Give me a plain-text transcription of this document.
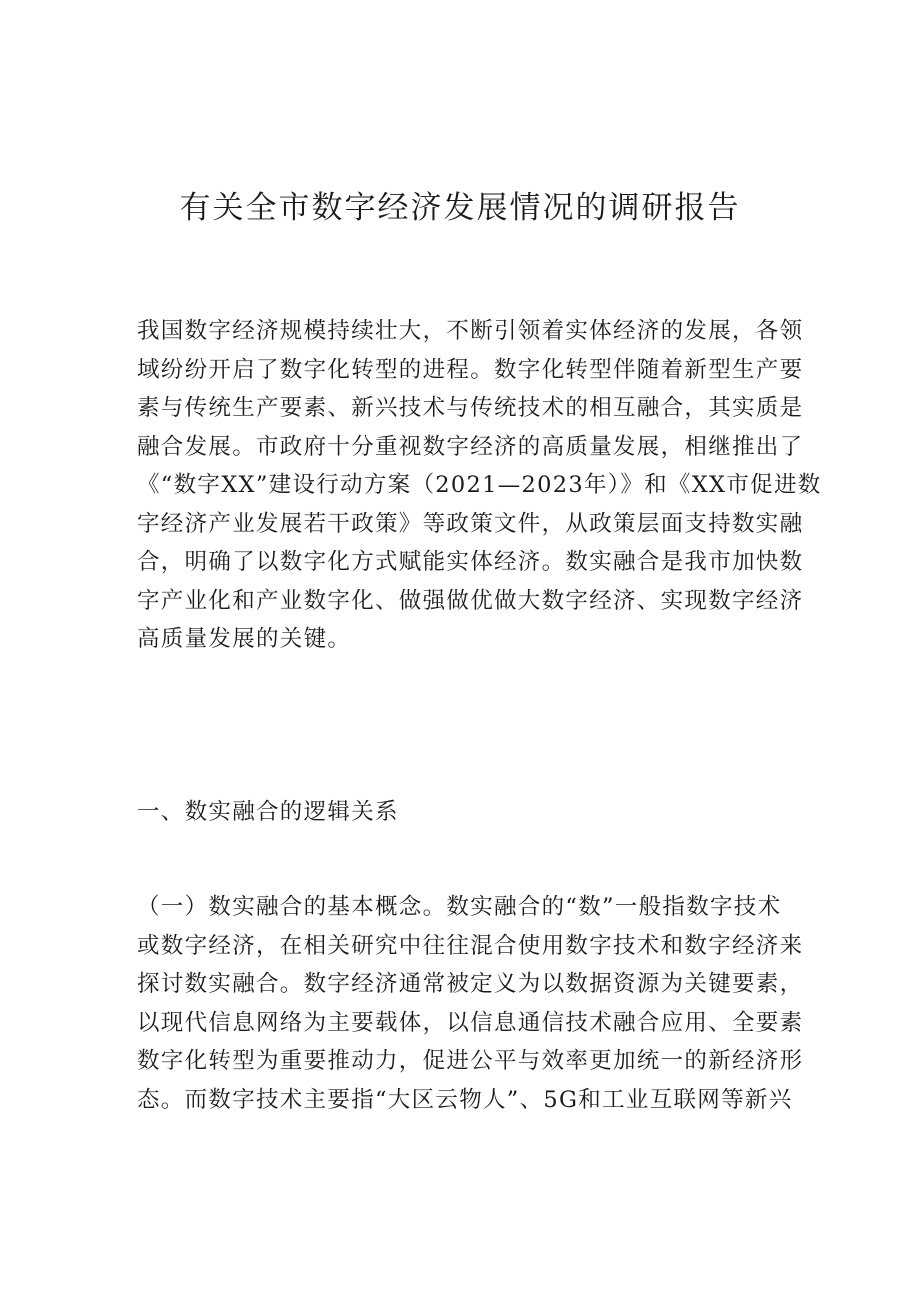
有关全市数字经济发展情况的调研报告
我国数字经济规模持续壮大，不断引领着实体经济的发展，各领
域纷纷开启了数字化转型的进程。数字化转型伴随着新型生产要
素与传统生产要素、新兴技术与传统技术的相互融合，其实质是
融合发展。市政府十分重视数字经济的高质量发展，相继推出了
《“数字XX”建设行动方案（2021—2023年）》和《XX市促进数
字经济产业发展若干政策》等政策文件，从政策层面支持数实融
合，明确了以数字化方式赋能实体经济。数实融合是我市加快数
字产业化和产业数字化、做强做优做大数字经济、实现数字经济
高质量发展的关键。
一、数实融合的逻辑关系
（一）数实融合的基本概念。数实融合的“数”一般指数字技术
或数字经济，在相关研究中往往混合使用数字技术和数字经济来
探讨数实融合。数字经济通常被定义为以数据资源为关键要素，
以现代信息网络为主要载体，以信息通信技术融合应用、全要素
数字化转型为重要推动力，促进公平与效率更加统一的新经济形
态。而数字技术主要指“大区云物人”、5G和工业互联网等新兴
